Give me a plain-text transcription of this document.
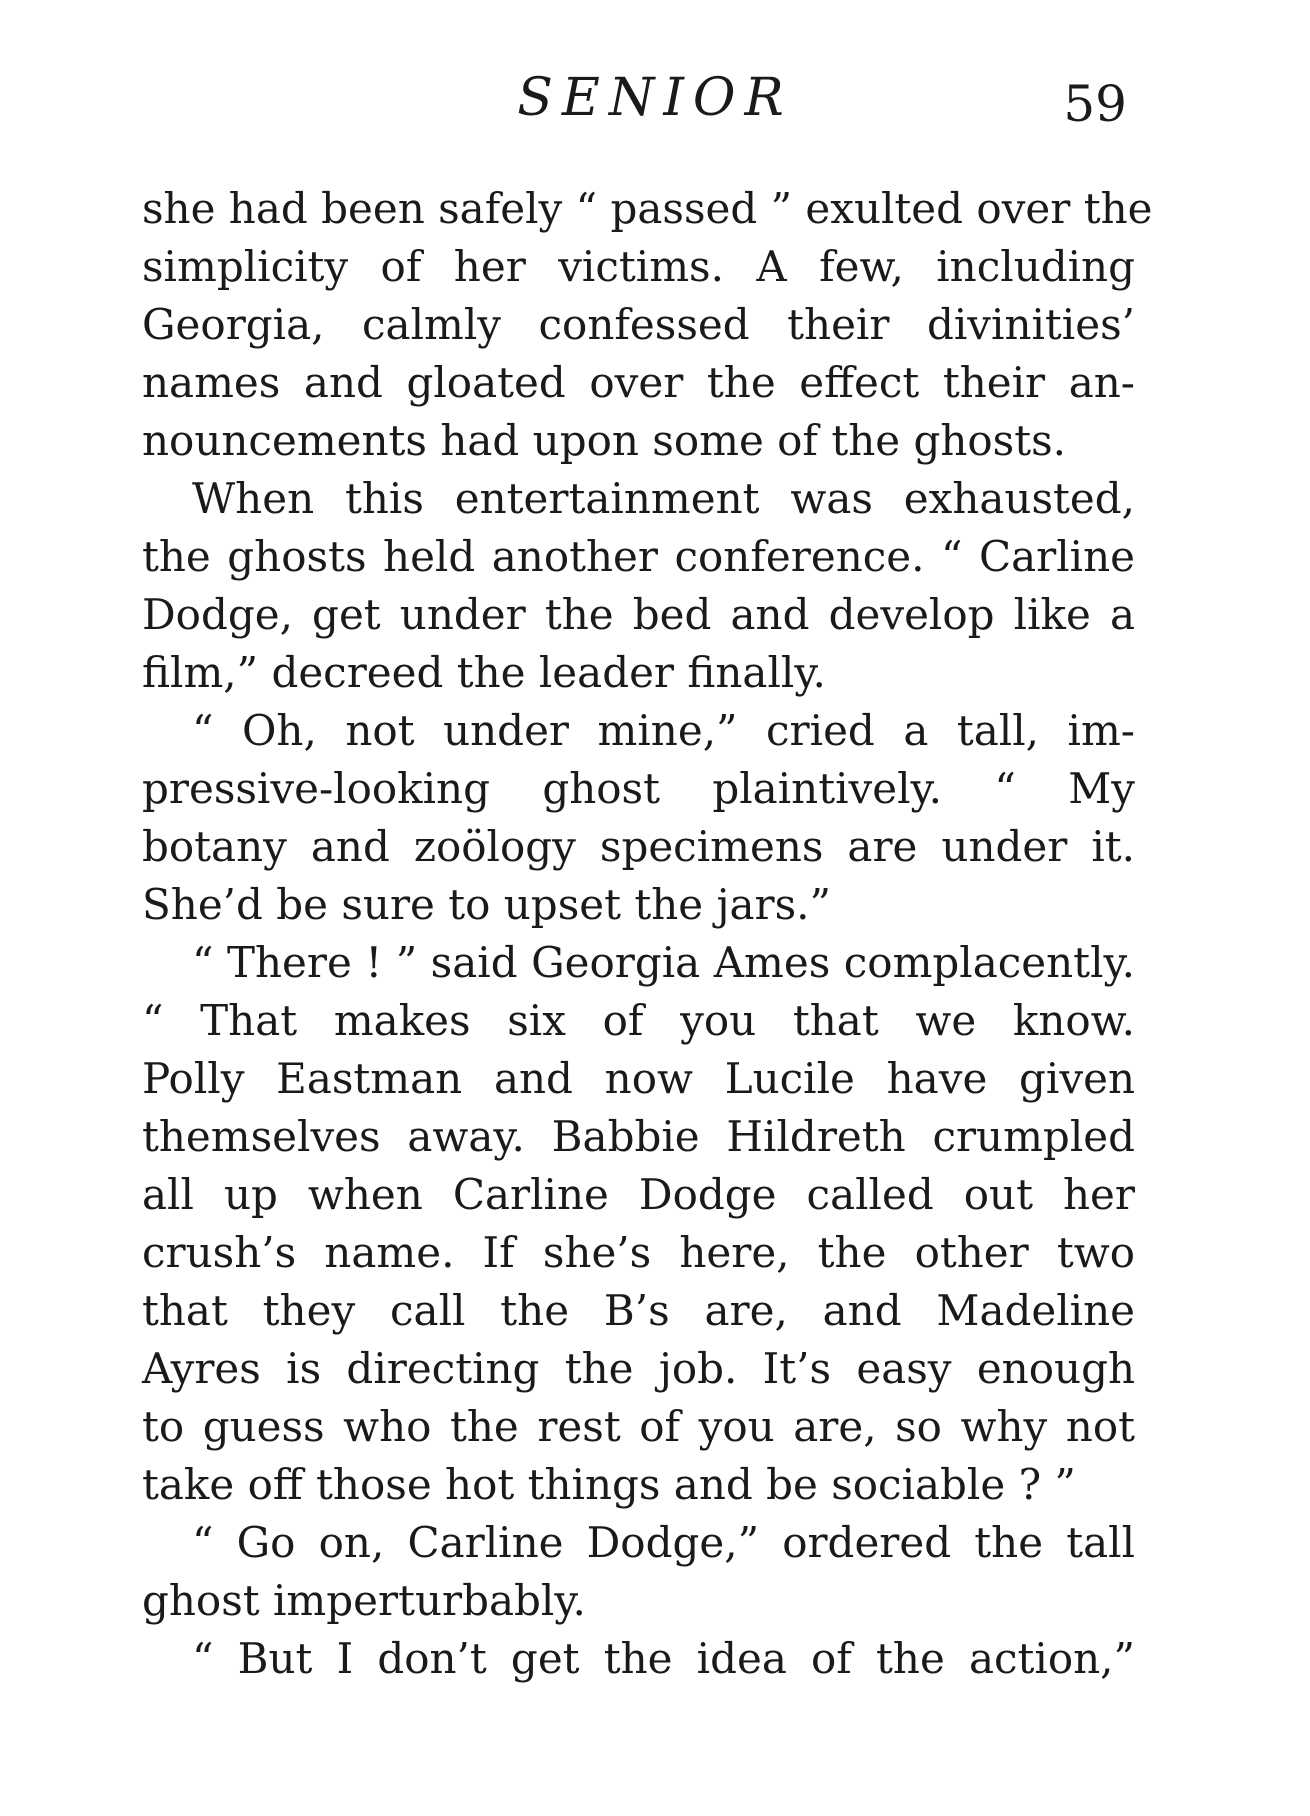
SENIOR	59
she had been safely “ passed ” exulted over the
simplicity of her victims. A few, including
Georgia, calmly confessed their divinities’
names and gloated over the effect their an-
nouncements had upon some of the ghosts.
When this entertainment was exhausted,
the ghosts held another conference. “ Carline
Dodge, get under the bed and develop like a
film,” decreed the leader finally.
“ Oh, not under mine,” cried a tall, im-
pressive-looking ghost plaintively. “ My
botany and zoölogy specimens are under it.
She’d be sure to upset the jars.”
“ There ! ” said Georgia Ames complacently.
“ That makes six of you that we know.
Polly Eastman and now Lucile have given
themselves away. Babbie Hildreth crumpled
all up when Carline Dodge called out her
crush’s name. If she’s here, the other two
that they call the B’s are, and Madeline
Ayres is directing the job. It’s easy enough
to guess who the rest of you are, so why not
take off those hot things and be sociable ? ”
“ Go on, Carline Dodge,” ordered the tall
ghost imperturbably.
“ But I don’t get the idea of the action,”
